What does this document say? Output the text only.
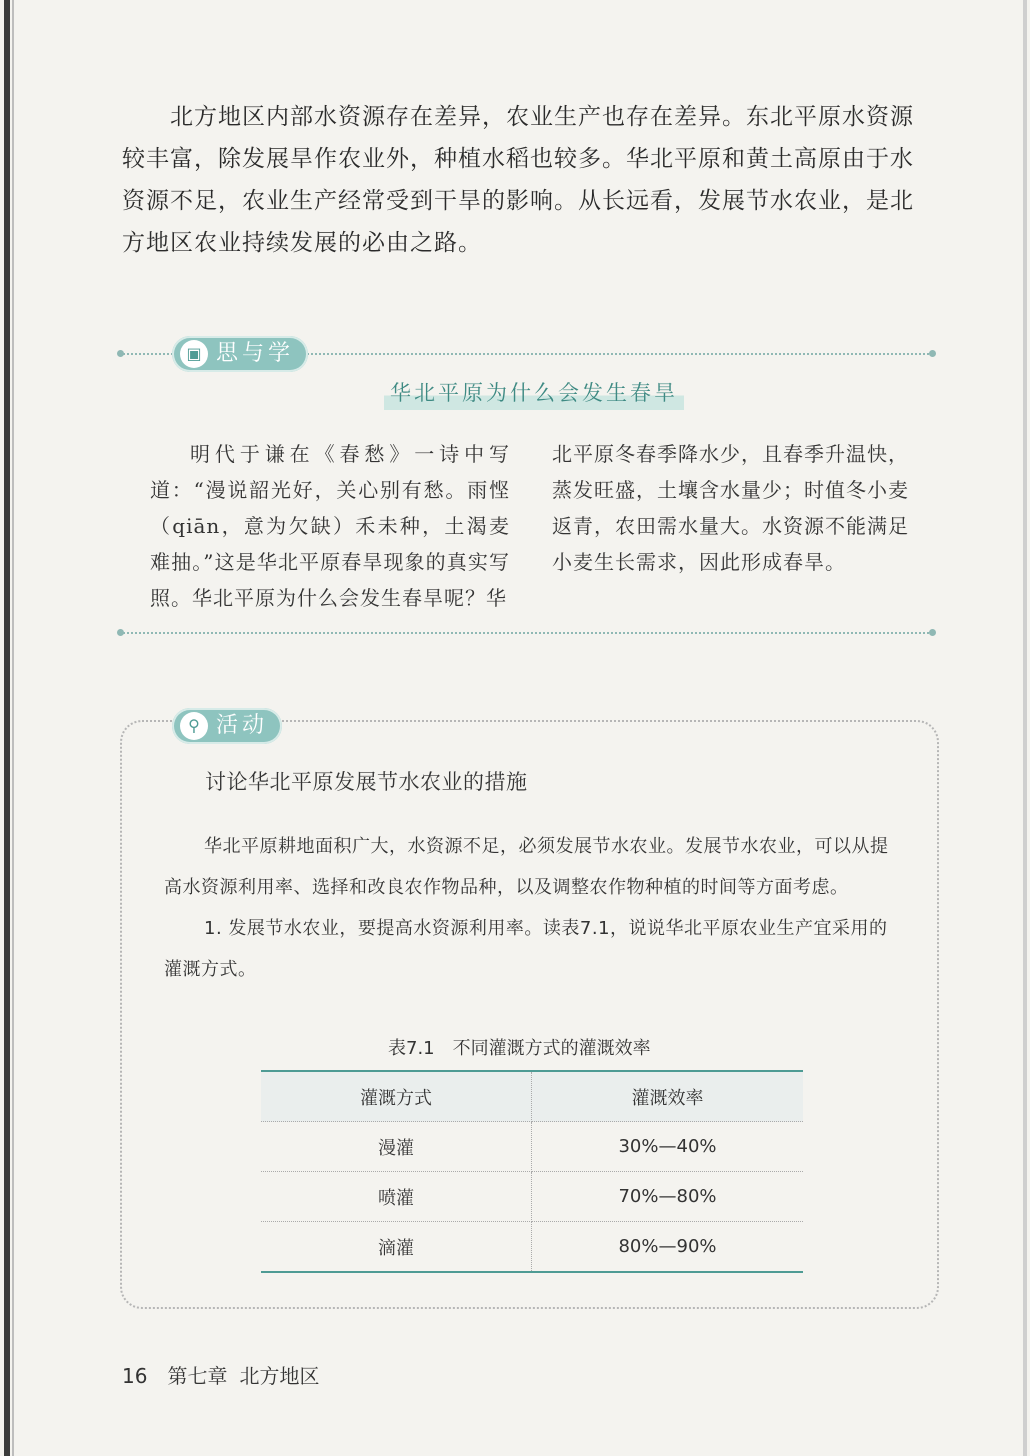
北方地区内部水资源存在差异，农业生产也存在差异。东北平原水资源较丰富，除发展旱作农业外，种植水稻也较多。华北平原和黄土高原由于水资源不足，农业生产经常受到干旱的影响。从长远看，发展节水农业，是北方地区农业持续发展的必由之路。

▣ 思与学
华北平原为什么会发生春旱

明代于谦在《春愁》一诗中写道：“漫说韶光好，关心别有愁。雨悭（qiān，意为欠缺）禾未种，土渴麦难抽。”这是华北平原春旱现象的真实写照。华北平原为什么会发生春旱呢？华

北平原冬春季降水少，且春季升温快，蒸发旺盛，土壤含水量少；时值冬小麦返青，农田需水量大。水资源不能满足小麦生长需求，因此形成春旱。

⚲ 活动
讨论华北平原发展节水农业的措施

华北平原耕地面积广大，水资源不足，必须发展节水农业。发展节水农业，可以从提高水资源利用率、选择和改良农作物品种，以及调整农作物种植的时间等方面考虑。

1. 发展节水农业，要提高水资源利用率。读表7.1，说说华北平原农业生产宜采用的灌溉方式。

表7.1 不同灌溉方式的灌溉效率
灌溉方式	灌溉效率
漫灌	30%—40%
喷灌	70%—80%
滴灌	80%—90%
16 第七章 北方地区
